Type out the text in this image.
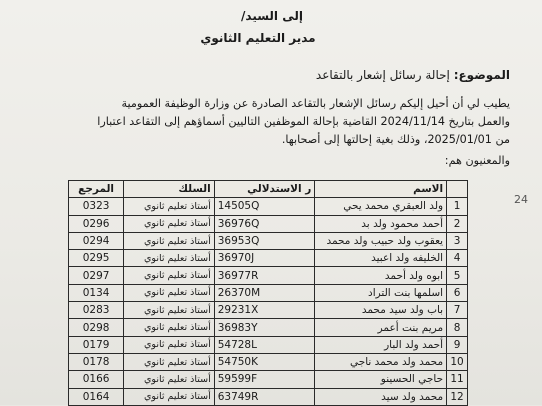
إلى السيد/
مدير التعليم الثانوي
الموضوع: إحالة رسائل إشعار بالتقاعد
يطيب لي أن أحيل إليكم رسائل الإشعار بالتقاعد الصادرة عن وزارة الوظيفة العمومية
والعمل بتاريخ 2024/11/14 القاضية بإحالة الموظفين التاليين أسماؤهم إلى التقاعد اعتبارا
من 2025/01/01، وذلك بغية إحالتها إلى أصحابها.
والمعنيون هم:
24
	الاسم	ر الاستدلالي	السلك	المرجع
1	ولد العبقري محمد يحي	14505Q	أستاذ تعليم ثانوي	0323
2	أحمد محمود ولد بد	36976Q	أستاذ تعليم ثانوي	0296
3	يعقوب ولد حبيب ولد محمد	36953Q	أستاذ تعليم ثانوي	0294
4	الخليفه ولد اعبيد	36970J	أستاذ تعليم ثانوي	0295
5	ابوه ولد أحمد	36977R	أستاذ تعليم ثانوي	0297
6	اسلمها بنت التراد	26370M	أستاذ تعليم ثانوي	0134
7	باب ولد سيد محمد	29231X	أستاذ تعليم ثانوي	0283
8	مريم بنت أعمر	36983Y	أستاذ تعليم ثانوي	0298
9	أحمد ولد البار	54728L	أستاذ تعليم ثانوي	0179
10	محمد ولد محمد ناجي	54750K	أستاذ تعليم ثانوي	0178
11	حاجي الحسينو	59599F	أستاذ تعليم ثانوي	0166
12	محمد ولد سيد	63749R	أستاذ تعليم ثانوي	0164
